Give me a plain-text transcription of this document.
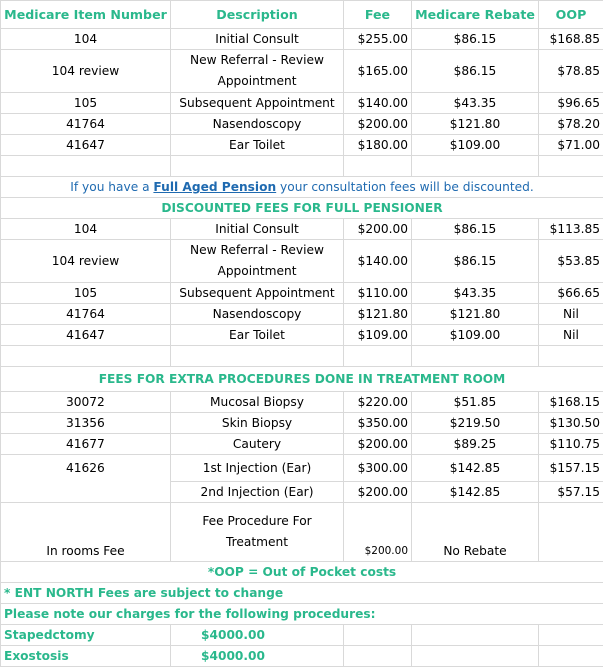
Medicare Item Number	Description	Fee	Medicare Rebate	OOP
104	Initial Consult	$255.00	$86.15	$168.85
104 review	New Referral - Review Appointment	$165.00	$86.15	$78.85
105	Subsequent Appointment	$140.00	$43.35	$96.65
41764	Nasendoscopy	$200.00	$121.80	$78.20
41647	Ear Toilet	$180.00	$109.00	$71.00

If you have a Full Aged Pension your consultation fees will be discounted.				
DISCOUNTED FEES FOR FULL PENSIONER				
104	Initial Consult	$200.00	$86.15	$113.85
104 review	New Referral - Review Appointment	$140.00	$86.15	$53.85
105	Subsequent Appointment	$110.00	$43.35	$66.65
41764	Nasendoscopy	$121.80	$121.80	Nil
41647	Ear Toilet	$109.00	$109.00	Nil

FEES FOR EXTRA PROCEDURES DONE IN TREATMENT ROOM				
30072	Mucosal Biopsy	$220.00	$51.85	$168.15
31356	Skin Biopsy	$350.00	$219.50	$130.50
41677	Cautery	$200.00	$89.25	$110.75
41626	1st Injection (Ear)	$300.00	$142.85	$157.15
	2nd Injection (Ear)	$200.00	$142.85	$57.15
In rooms Fee	Fee Procedure For Treatment	$200.00	No Rebate	
*OOP = Out of Pocket costs				
* ENT NORTH Fees are subject to change				
Please note our charges for the following procedures:				
Stapedctomy	$4000.00			
Exostosis	$4000.00			
